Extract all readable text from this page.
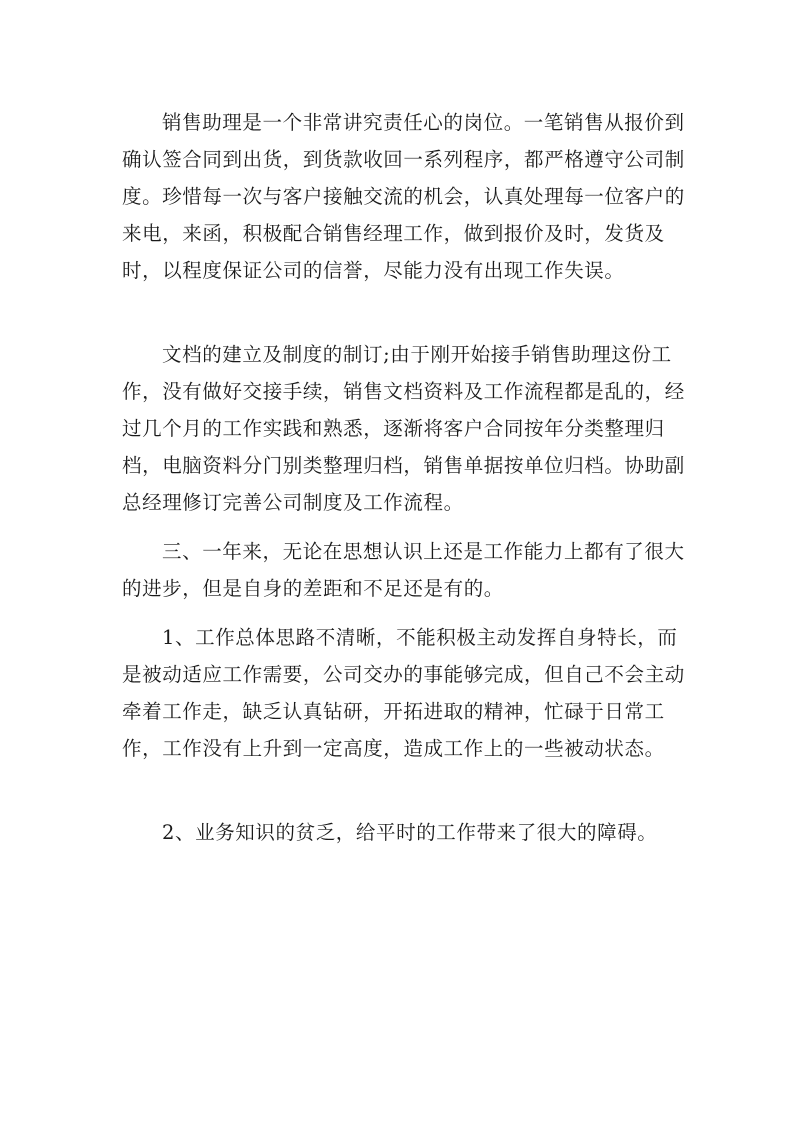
销售助理是一个非常讲究责任心的岗位。一笔销售从报价到确认签合同到出货，到货款收回一系列程序，都严格遵守公司制度。珍惜每一次与客户接触交流的机会，认真处理每一位客户的来电，来函，积极配合销售经理工作，做到报价及时，发货及时，以程度保证公司的信誉，尽能力没有出现工作失误。

文档的建立及制度的制订;由于刚开始接手销售助理这份工作，没有做好交接手续，销售文档资料及工作流程都是乱的，经过几个月的工作实践和熟悉，逐渐将客户合同按年分类整理归档，电脑资料分门别类整理归档，销售单据按单位归档。协助副总经理修订完善公司制度及工作流程。

三、一年来，无论在思想认识上还是工作能力上都有了很大的进步，但是自身的差距和不足还是有的。

1、工作总体思路不清晰，不能积极主动发挥自身特长，而是被动适应工作需要，公司交办的事能够完成，但自己不会主动牵着工作走，缺乏认真钻研，开拓进取的精神，忙碌于日常工作，工作没有上升到一定高度，造成工作上的一些被动状态。

2、业务知识的贫乏，给平时的工作带来了很大的障碍。
